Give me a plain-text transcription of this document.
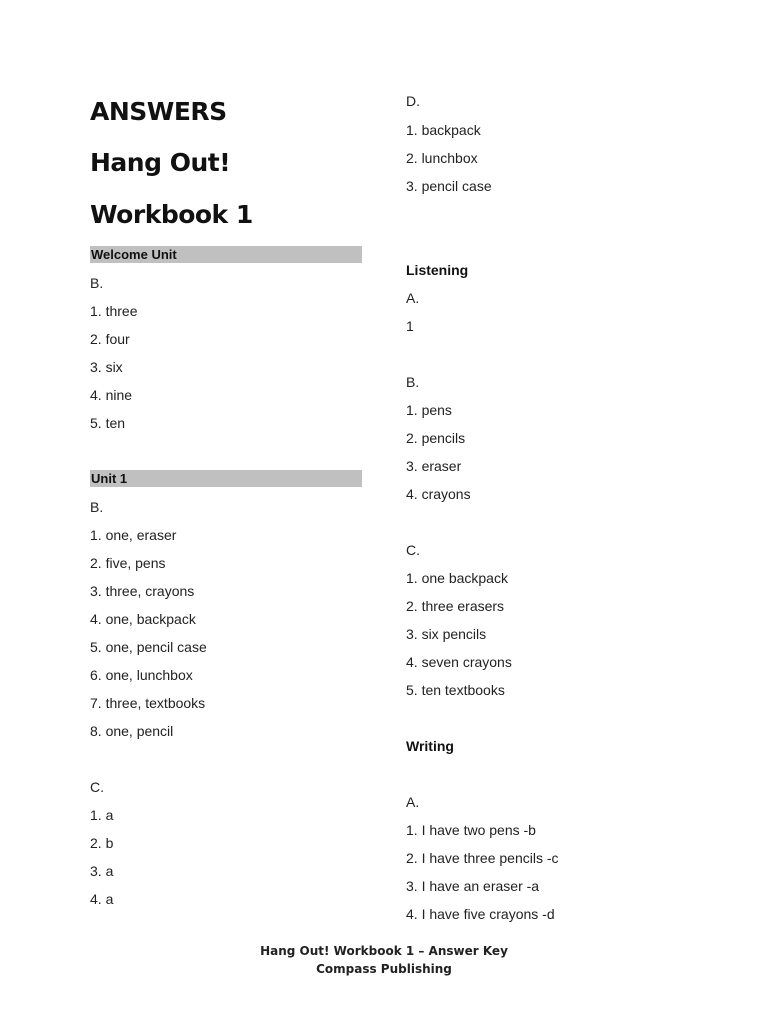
ANSWERS
Hang Out!
Workbook 1
Welcome Unit
B.
1. three
2. four
3. six
4. nine
5. ten
Unit 1
B.
1. one, eraser
2. five, pens
3. three, crayons
4. one, backpack
5. one, pencil case
6. one, lunchbox
7. three, textbooks
8. one, pencil
C.
1. a
2. b
3. a
4. a
D.
1. backpack
2. lunchbox
3. pencil case
Listening
A.
1
B.
1. pens
2. pencils
3. eraser
4. crayons
C.
1. one backpack
2. three erasers
3. six pencils
4. seven crayons
5. ten textbooks
Writing
A.
1. I have two pens -b
2. I have three pencils -c
3. I have an eraser -a
4. I have five crayons -d
Hang Out! Workbook 1 – Answer Key
Compass Publishing
